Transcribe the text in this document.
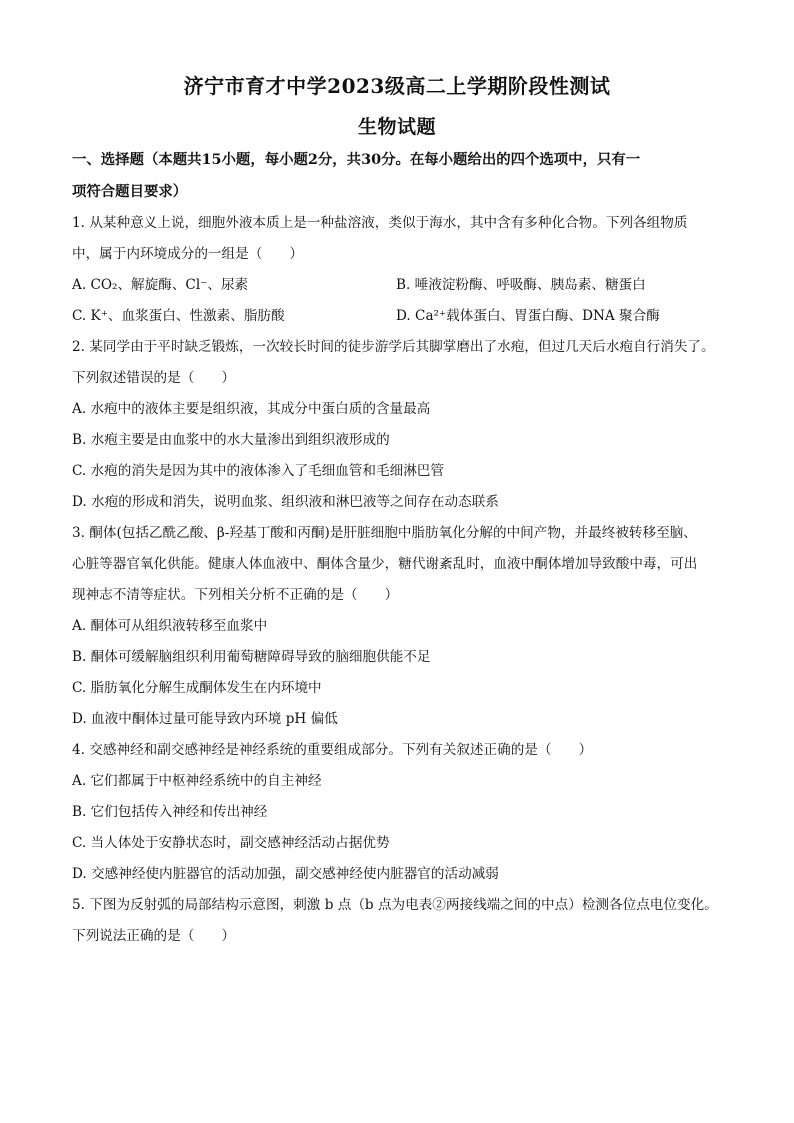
济宁市育才中学2023级高二上学期阶段性测试
生物试题
一、选择题（本题共15小题，每小题2分，共30分。在每小题给出的四个选项中，只有一
项符合题目要求）
1. 从某种意义上说，细胞外液本质上是一种盐溶液，类似于海水，其中含有多种化合物。下列各组物质
中，属于内环境成分的一组是（　　）
A. CO₂、解旋酶、Cl⁻、尿素	B. 唾液淀粉酶、呼吸酶、胰岛素、糖蛋白
C. K⁺、血浆蛋白、性激素、脂肪酸	D. Ca²⁺载体蛋白、胃蛋白酶、DNA 聚合酶
2. 某同学由于平时缺乏锻炼，一次较长时间的徒步游学后其脚掌磨出了水疱，但过几天后水疱自行消失了。
下列叙述错误的是（　　）
A. 水疱中的液体主要是组织液，其成分中蛋白质的含量最高
B. 水疱主要是由血浆中的水大量渗出到组织液形成的
C. 水疱的消失是因为其中的液体渗入了毛细血管和毛细淋巴管
D. 水疱的形成和消失，说明血浆、组织液和淋巴液等之间存在动态联系
3. 酮体(包括乙酰乙酸、β-羟基丁酸和丙酮)是肝脏细胞中脂肪氧化分解的中间产物，并最终被转移至脑、
心脏等器官氧化供能。健康人体血液中、酮体含量少，糖代谢紊乱时，血液中酮体增加导致酸中毒，可出
现神志不清等症状。下列相关分析不正确的是（　　）
A. 酮体可从组织液转移至血浆中
B. 酮体可缓解脑组织利用葡萄糖障碍导致的脑细胞供能不足
C. 脂肪氧化分解生成酮体发生在内环境中
D. 血液中酮体过量可能导致内环境 pH 偏低
4. 交感神经和副交感神经是神经系统的重要组成部分。下列有关叙述正确的是（　　）
A. 它们都属于中枢神经系统中的自主神经
B. 它们包括传入神经和传出神经
C. 当人体处于安静状态时，副交感神经活动占据优势
D. 交感神经使内脏器官的活动加强，副交感神经使内脏器官的活动减弱
5. 下图为反射弧的局部结构示意图，刺激 b 点（b 点为电表②两接线端之间的中点）检测各位点电位变化。
下列说法正确的是（　　）
